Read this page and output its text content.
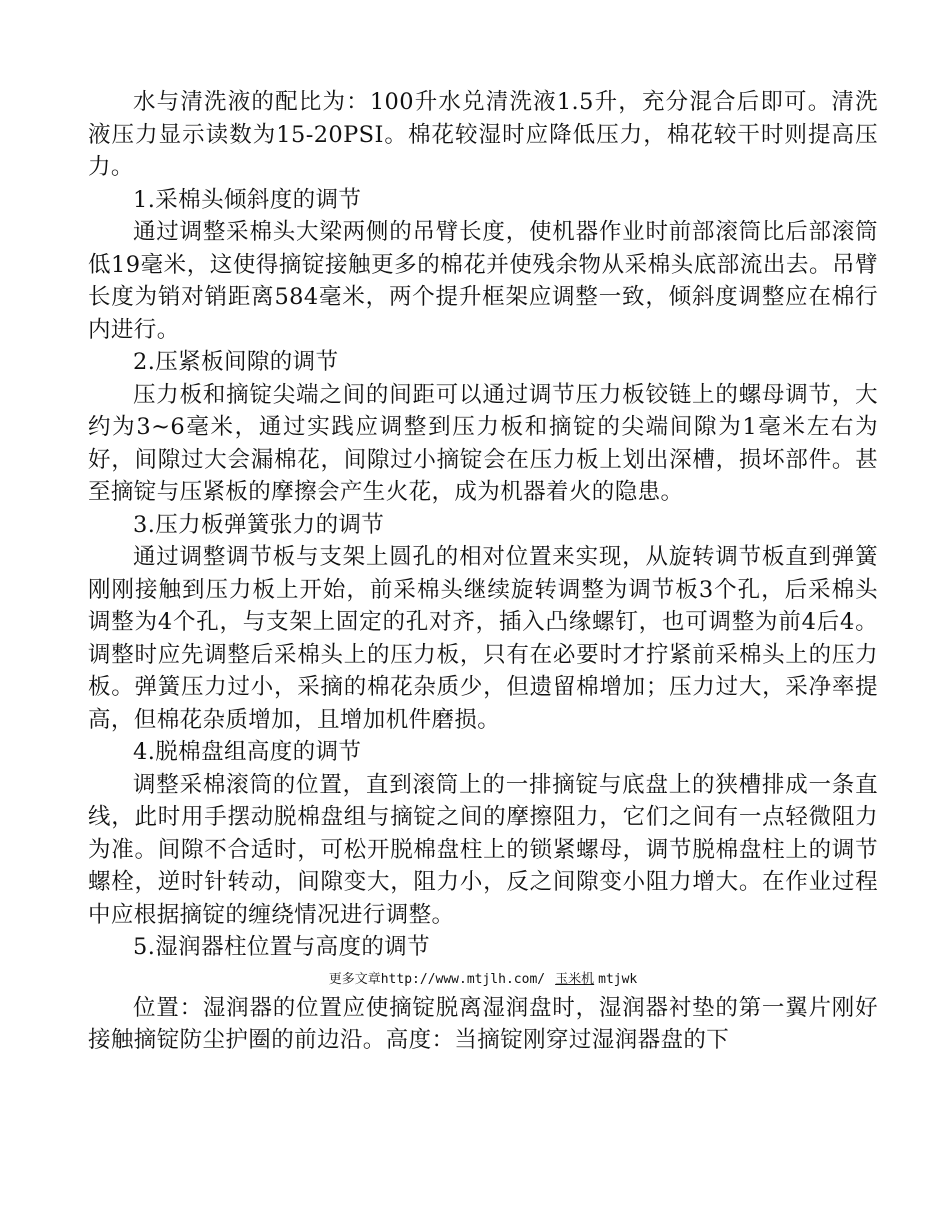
水与清洗液的配比为：100升水兑清洗液1.5升，充分混合后即可。清洗液压力显示读数为15-20PSI。棉花较湿时应降低压力，棉花较干时则提高压力。

1.采棉头倾斜度的调节

通过调整采棉头大梁两侧的吊臂长度，使机器作业时前部滚筒比后部滚筒低19毫米，这使得摘锭接触更多的棉花并使残余物从采棉头底部流出去。吊臂长度为销对销距离584毫米，两个提升框架应调整一致，倾斜度调整应在棉行内进行。

2.压紧板间隙的调节

压力板和摘锭尖端之间的间距可以通过调节压力板铰链上的螺母调节，大约为3~6毫米，通过实践应调整到压力板和摘锭的尖端间隙为1毫米左右为好，间隙过大会漏棉花，间隙过小摘锭会在压力板上划出深槽，损坏部件。甚至摘锭与压紧板的摩擦会产生火花，成为机器着火的隐患。

3.压力板弹簧张力的调节

通过调整调节板与支架上圆孔的相对位置来实现，从旋转调节板直到弹簧刚刚接触到压力板上开始，前采棉头继续旋转调整为调节板3个孔，后采棉头调整为4个孔，与支架上固定的孔对齐，插入凸缘螺钉，也可调整为前4后4。调整时应先调整后采棉头上的压力板，只有在必要时才拧紧前采棉头上的压力板。弹簧压力过小，采摘的棉花杂质少，但遗留棉增加；压力过大，采净率提高，但棉花杂质增加，且增加机件磨损。

4.脱棉盘组高度的调节

调整采棉滚筒的位置，直到滚筒上的一排摘锭与底盘上的狭槽排成一条直线，此时用手摆动脱棉盘组与摘锭之间的摩擦阻力，它们之间有一点轻微阻力为准。间隙不合适时，可松开脱棉盘柱上的锁紧螺母，调节脱棉盘柱上的调节螺栓，逆时针转动，间隙变大，阻力小，反之间隙变小阻力增大。在作业过程中应根据摘锭的缠绕情况进行调整。

5.湿润器柱位置与高度的调节

更多文章http://www.mtjlh.com/ 玉米机 mtjwk

位置：湿润器的位置应使摘锭脱离湿润盘时，湿润器衬垫的第一翼片刚好接触摘锭防尘护圈的前边沿。高度：当摘锭刚穿过湿润器盘的下
